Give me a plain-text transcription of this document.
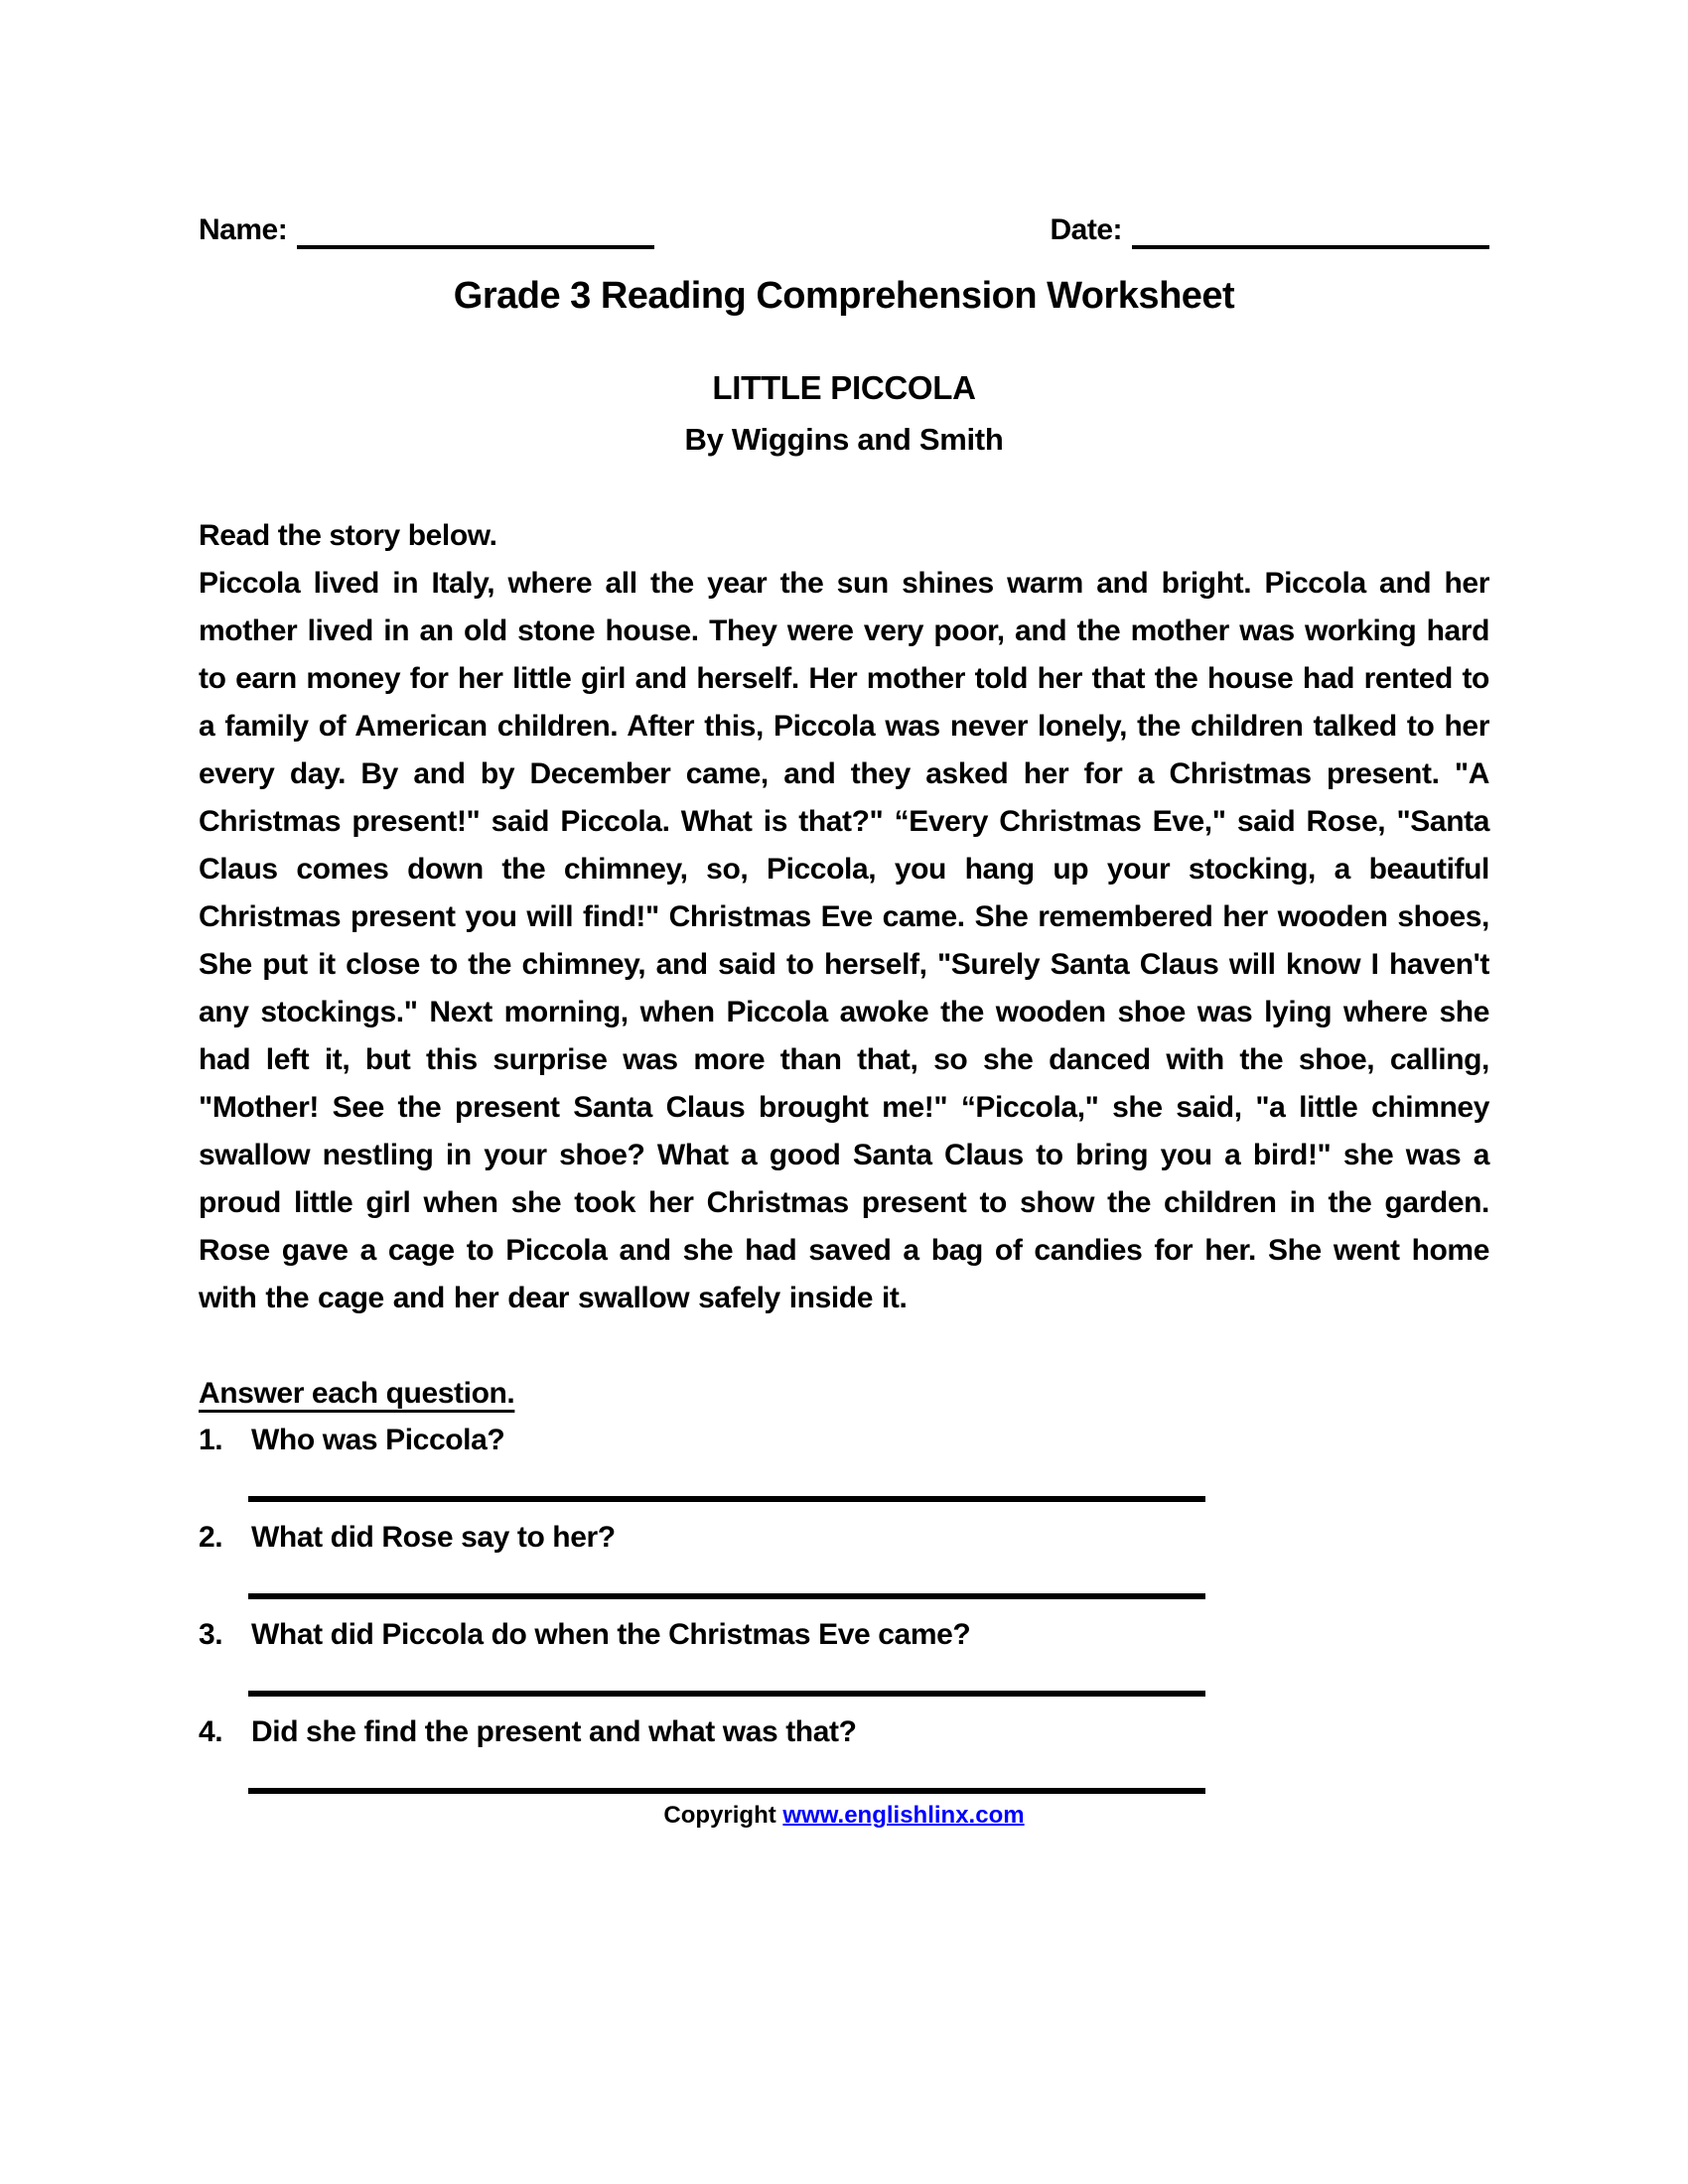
Name:	Date:
Grade 3 Reading Comprehension Worksheet
LITTLE PICCOLA
By Wiggins and Smith
Read the story below.
Piccola lived in Italy, where all the year the sun shines warm and bright. Piccola and her mother lived in an old stone house. They were very poor, and the mother was working hard to earn money for her little girl and herself. Her mother told her that the house had rented to a family of American children. After this, Piccola was never lonely, the children talked to her every day. By and by December came, and they asked her for a Christmas present. "A Christmas present!" said Piccola. What is that?" “Every Christmas Eve," said Rose, "Santa Claus comes down the chimney, so, Piccola, you hang up your stocking, a beautiful Christmas present you will find!" Christmas Eve came. She remembered her wooden shoes, She put it close to the chimney, and said to herself, "Surely Santa Claus will know I haven't any stockings." Next morning, when Piccola awoke the wooden shoe was lying where she had left it, but this surprise was more than that, so she danced with the shoe, calling, "Mother! See the present Santa Claus brought me!" “Piccola," she said, "a little chimney swallow nestling in your shoe? What a good Santa Claus to bring you a bird!" she was a proud little girl when she took her Christmas present to show the children in the garden. Rose gave a cage to Piccola and she had saved a bag of candies for her. She went home with the cage and her dear swallow safely inside it.
Answer each question.
1. Who was Piccola?
2. What did Rose say to her?
3. What did Piccola do when the Christmas Eve came?
4. Did she find the present and what was that?
Copyright www.englishlinx.com
